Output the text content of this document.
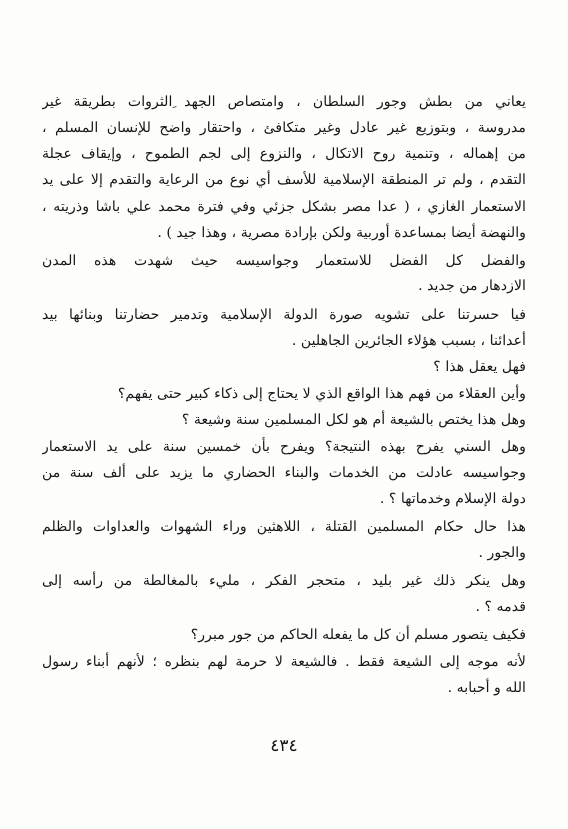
يعاني من بطش وجور السلطان ، وامتصاص الجهد ِالثروات بطريقة غير
مدروسة ، وبتوزيع غير عادل وغير متكافئ ، واحتقار واضح للإنسان المسلم ،
من إهماله ، وتنمية روح الاتكال ، والنزوع إلى لجم الطموح ، وإيقاف عجلة
التقدم ، ولم تر المنطقة الإسلامية للأسف أي نوع من الرعاية والتقدم إلا على يد
الاستعمار الغازي ، ( عدا مصر بشكل جزئي وفي فترة محمد علي باشا وذريته ،
والنهضة أيضا بمساعدة أوربية ولكن بإرادة مصرية ، وهذا جيد ) .
والفضل كل الفضل للاستعمار وجواسيسه حيث شهدت هذه المدن
الازدهار من جديد .
فيا حسرتنا على تشويه صورة الدولة الإسلامية وتدمير حضارتنا وبنائها بيد
أعدائنا ، بسبب هؤلاء الجائرين الجاهلين .
فهل يعقل هذا ؟
وأين العقلاء من فهم هذا الواقع الذي لا يحتاج إلى ذكاء كبير حتى يفهم؟
وهل هذا يختص بالشيعة أم هو لكل المسلمين سنة وشيعة ؟
وهل السني يفرح بهذه النتيجة؟ ويفرح بأن خمسين سنة على يد الاستعمار
وجواسيسه عادلت من الخدمات والبناء الحضاري ما يزيد على ألف سنة من
دولة الإسلام وخدماتها ؟ .
هذا حال حكام المسلمين القتلة ، اللاهثين وراء الشهوات والعداوات والظلم
والجور .
وهل ينكر ذلك غير بليد ، متحجر الفكر ، مليء بالمغالطة من رأسه إلى
قدمه ؟ .
فكيف يتصور مسلم أن كل ما يفعله الحاكم من جور مبرر؟
لأنه موجه إلى الشيعة فقط . فالشيعة لا حرمة لهم بنظره ؛ لأنهم أبناء رسول
الله و أحبابه .
٤٣٤
